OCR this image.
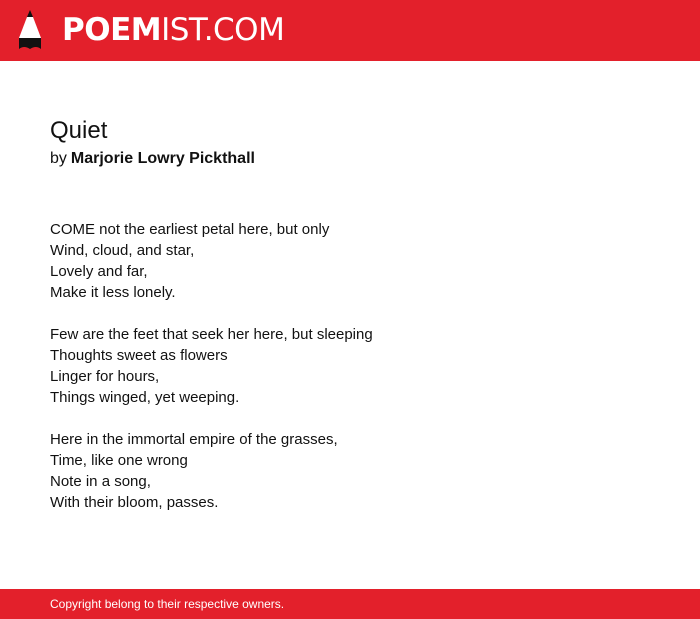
POEMIST.COM
Quiet
by Marjorie Lowry Pickthall
COME not the earliest petal here, but only
Wind, cloud, and star,
Lovely and far,
Make it less lonely.
Few are the feet that seek her here, but sleeping
Thoughts sweet as flowers
Linger for hours,
Things winged, yet weeping.
Here in the immortal empire of the grasses,
Time, like one wrong
Note in a song,
With their bloom, passes.
Copyright belong to their respective owners.
